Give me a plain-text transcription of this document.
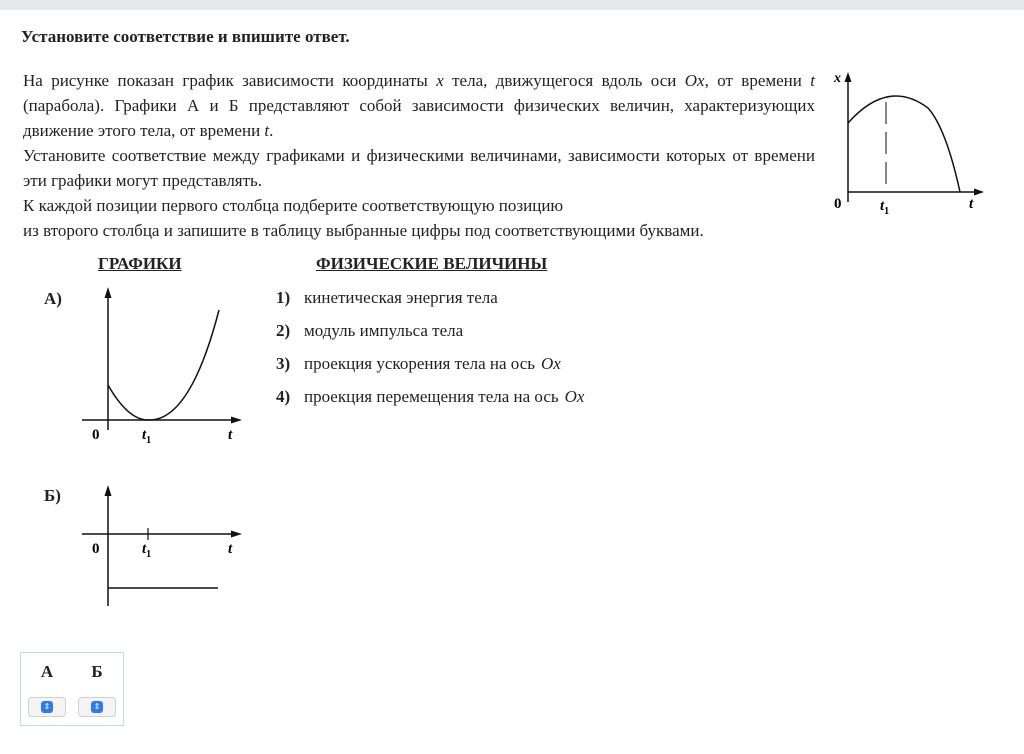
Установите соответствие и впишите ответ.

На рисунке показан график зависимости координаты x тела, движущегося вдоль оси Ox, от времени t (парабола). Графики А и Б представляют собой зависимости физических величин, характеризующих движение этого тела, от времени t.

Установите соответствие между графиками и физическими величинами, зависимости которых от времени эти графики могут представлять.

К каждой позиции первого столбца подберите соответствующую позицию

из второго столбца и запишите в таблицу выбранные цифры под соответствующими буквами.

x
0	$t_1$	t
ГРАФИКИ	ФИЗИЧЕСКИЕ ВЕЛИЧИНЫ
А)
0	$t_1$	t
Б)
0	$t_1$	t
1) кинетическая энергия тела
2) модуль импульса тела
3) проекция ускорения тела на ось Ox
4) проекция перемещения тела на ось Ox
А	Б
⇕	⇕
